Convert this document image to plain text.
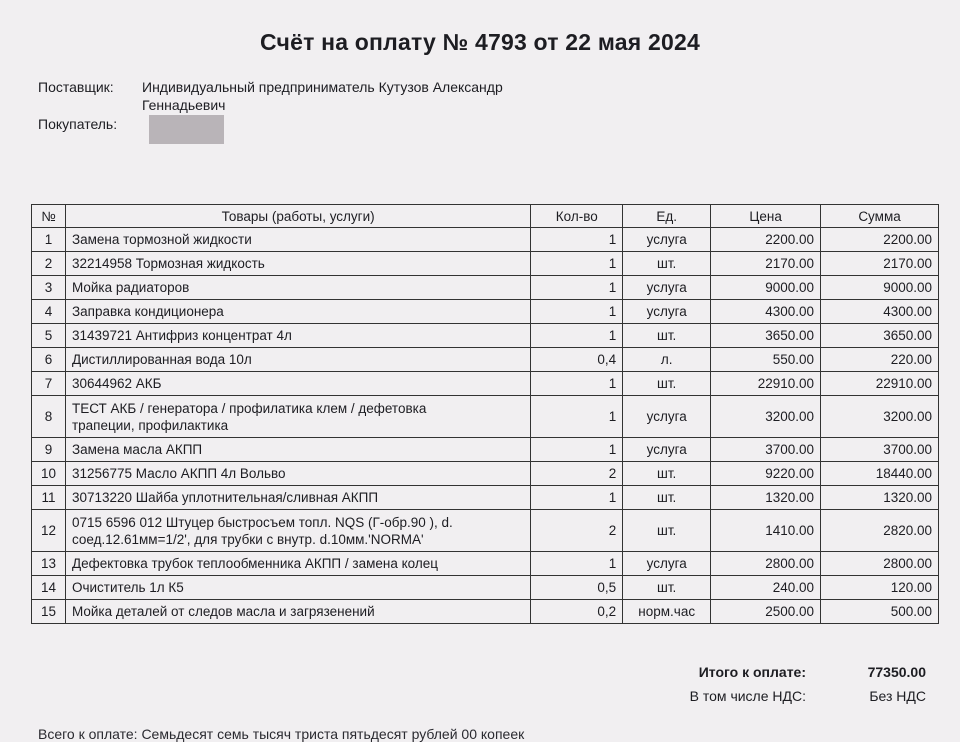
Счёт на оплату № 4793 от 22 мая 2024
Поставщик:	Индивидуальный предприниматель Кутузов Александр
Геннадьевич
Покупатель:
№	Товары (работы, услуги)	Кол-во	Ед.	Цена	Сумма
1	Замена тормозной жидкости	1	услуга	2200.00	2200.00
2	32214958 Тормозная жидкость	1	шт.	2170.00	2170.00
3	Мойка радиаторов	1	услуга	9000.00	9000.00
4	Заправка кондиционера	1	услуга	4300.00	4300.00
5	31439721 Антифриз концентрат 4л	1	шт.	3650.00	3650.00
6	Дистиллированная вода 10л	0,4	л.	550.00	220.00
7	30644962 АКБ	1	шт.	22910.00	22910.00
8	ТЕСТ АКБ / генератора / профилатика клем / дефетовка
трапеции, профилактика	1	услуга	3200.00	3200.00
9	Замена масла АКПП	1	услуга	3700.00	3700.00
10	31256775 Масло АКПП 4л Вольво	2	шт.	9220.00	18440.00
11	30713220 Шайба уплотнительная/сливная АКПП	1	шт.	1320.00	1320.00
12	0715 6596 012 Штуцер быстросъем топл. NQS (Г-обр.90 ), d.
соед.12.61мм=1/2', для трубки с внутр. d.10мм.'NORMA'	2	шт.	1410.00	2820.00
13	Дефектовка трубок теплообменника АКПП / замена колец	1	услуга	2800.00	2800.00
14	Очиститель 1л К5	0,5	шт.	240.00	120.00
15	Мойка деталей от следов масла и загрязенений	0,2	норм.час	2500.00	500.00
Итого к оплате:	77350.00
В том числе НДС:	Без НДС
Всего к оплате: Семьдесят семь тысяч триста пятьдесят рублей 00 копеек
